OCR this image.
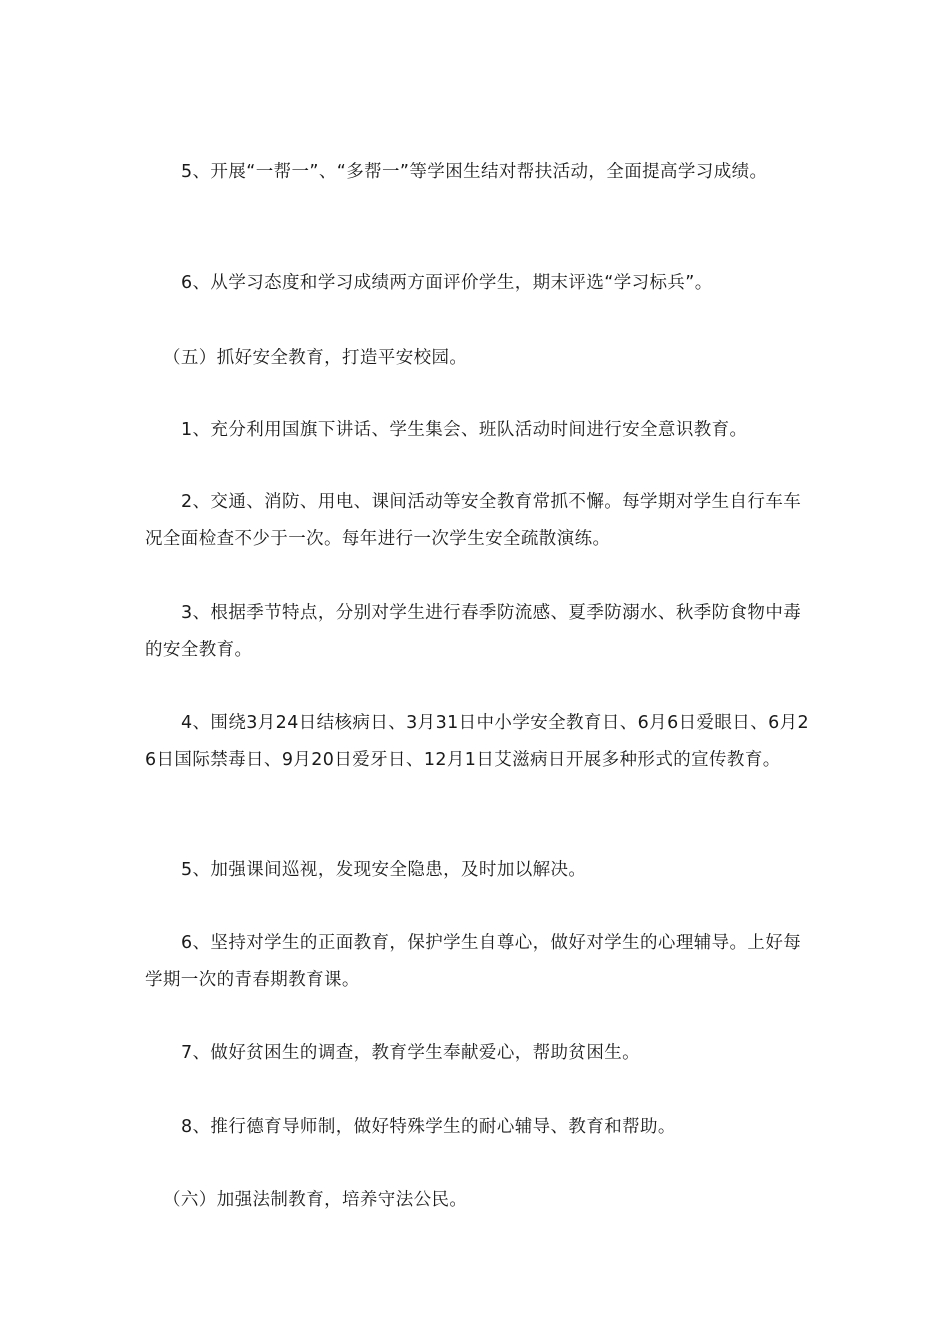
5、开展“一帮一”、“多帮一”等学困生结对帮扶活动，全面提高学习成绩。

6、从学习态度和学习成绩两方面评价学生，期末评选“学习标兵”。

（五）抓好安全教育，打造平安校园。

1、充分利用国旗下讲话、学生集会、班队活动时间进行安全意识教育。

2、交通、消防、用电、课间活动等安全教育常抓不懈。每学期对学生自行车车况全面检查不少于一次。每年进行一次学生安全疏散演练。

3、根据季节特点，分别对学生进行春季防流感、夏季防溺水、秋季防食物中毒的安全教育。

4、围绕3月24日结核病日、3月31日中小学安全教育日、6月6日爱眼日、6月26日国际禁毒日、9月20日爱牙日、12月1日艾滋病日开展多种形式的宣传教育。

5、加强课间巡视，发现安全隐患，及时加以解决。

6、坚持对学生的正面教育，保护学生自尊心，做好对学生的心理辅导。上好每学期一次的青春期教育课。

7、做好贫困生的调查，教育学生奉献爱心，帮助贫困生。

8、推行德育导师制，做好特殊学生的耐心辅导、教育和帮助。

（六）加强法制教育，培养守法公民。
